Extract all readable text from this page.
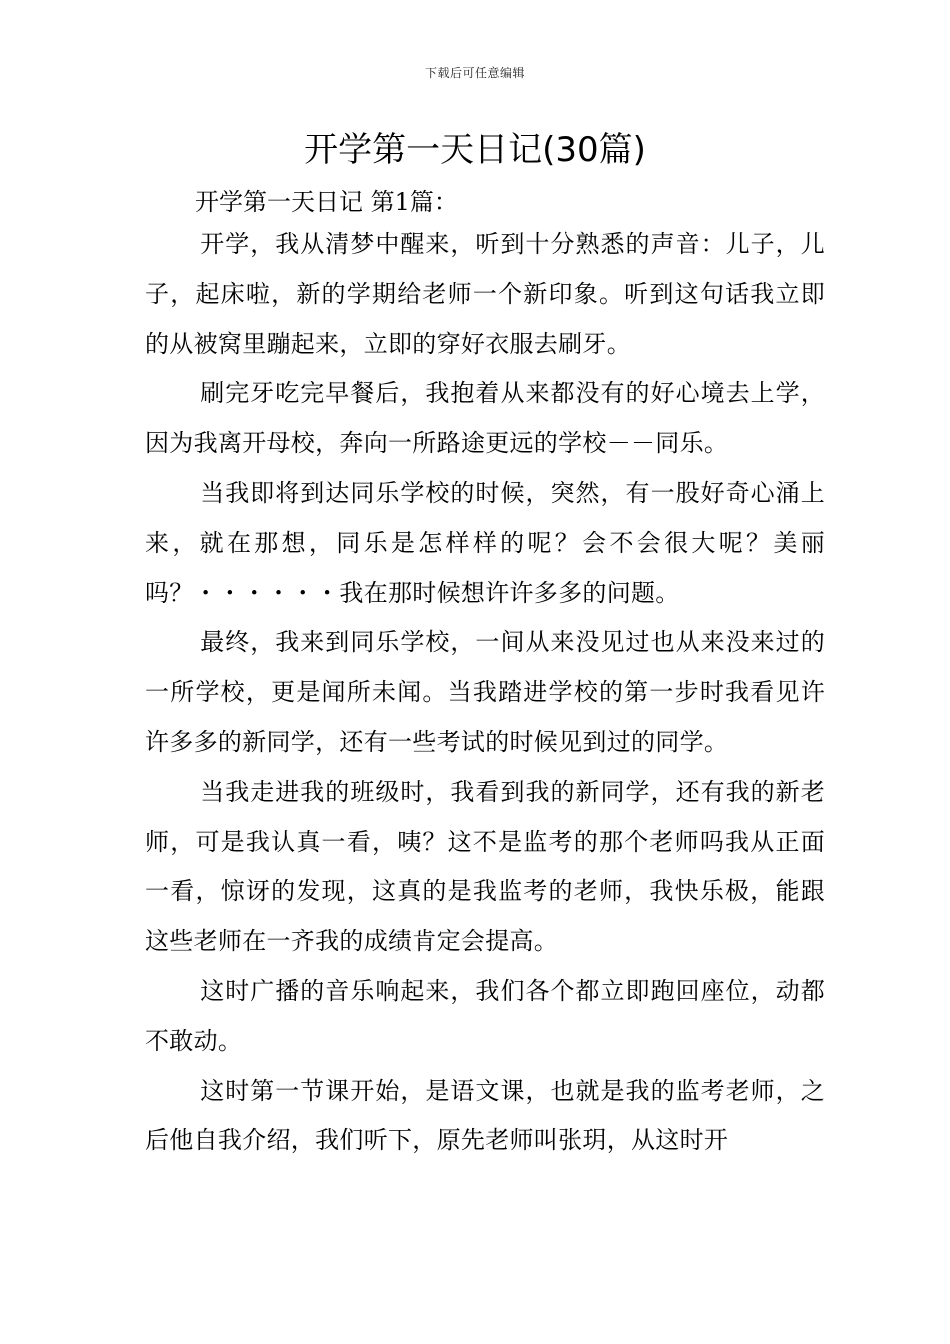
下载后可任意编辑
开学第一天日记(30篇)

开学第一天日记 第1篇：

开学，我从清梦中醒来，听到十分熟悉的声音：儿子，儿子，起床啦，新的学期给老师一个新印象。听到这句话我立即的从被窝里蹦起来，立即的穿好衣服去刷牙。

刷完牙吃完早餐后，我抱着从来都没有的好心境去上学，因为我离开母校，奔向一所路途更远的学校－－同乐。

当我即将到达同乐学校的时候，突然，有一股好奇心涌上来，就在那想，同乐是怎样样的呢？会不会很大呢？美丽吗？・・・・・・我在那时候想许许多多的问题。

最终，我来到同乐学校，一间从来没见过也从来没来过的一所学校，更是闻所未闻。当我踏进学校的第一步时我看见许许多多的新同学，还有一些考试的时候见到过的同学。

当我走进我的班级时，我看到我的新同学，还有我的新老师，可是我认真一看，咦？这不是监考的那个老师吗我从正面一看，惊讶的发现，这真的是我监考的老师，我快乐极，能跟这些老师在一齐我的成绩肯定会提高。

这时广播的音乐响起来，我们各个都立即跑回座位，动都不敢动。

这时第一节课开始，是语文课，也就是我的监考老师，之后他自我介绍，我们听下，原先老师叫张玥，从这时开
